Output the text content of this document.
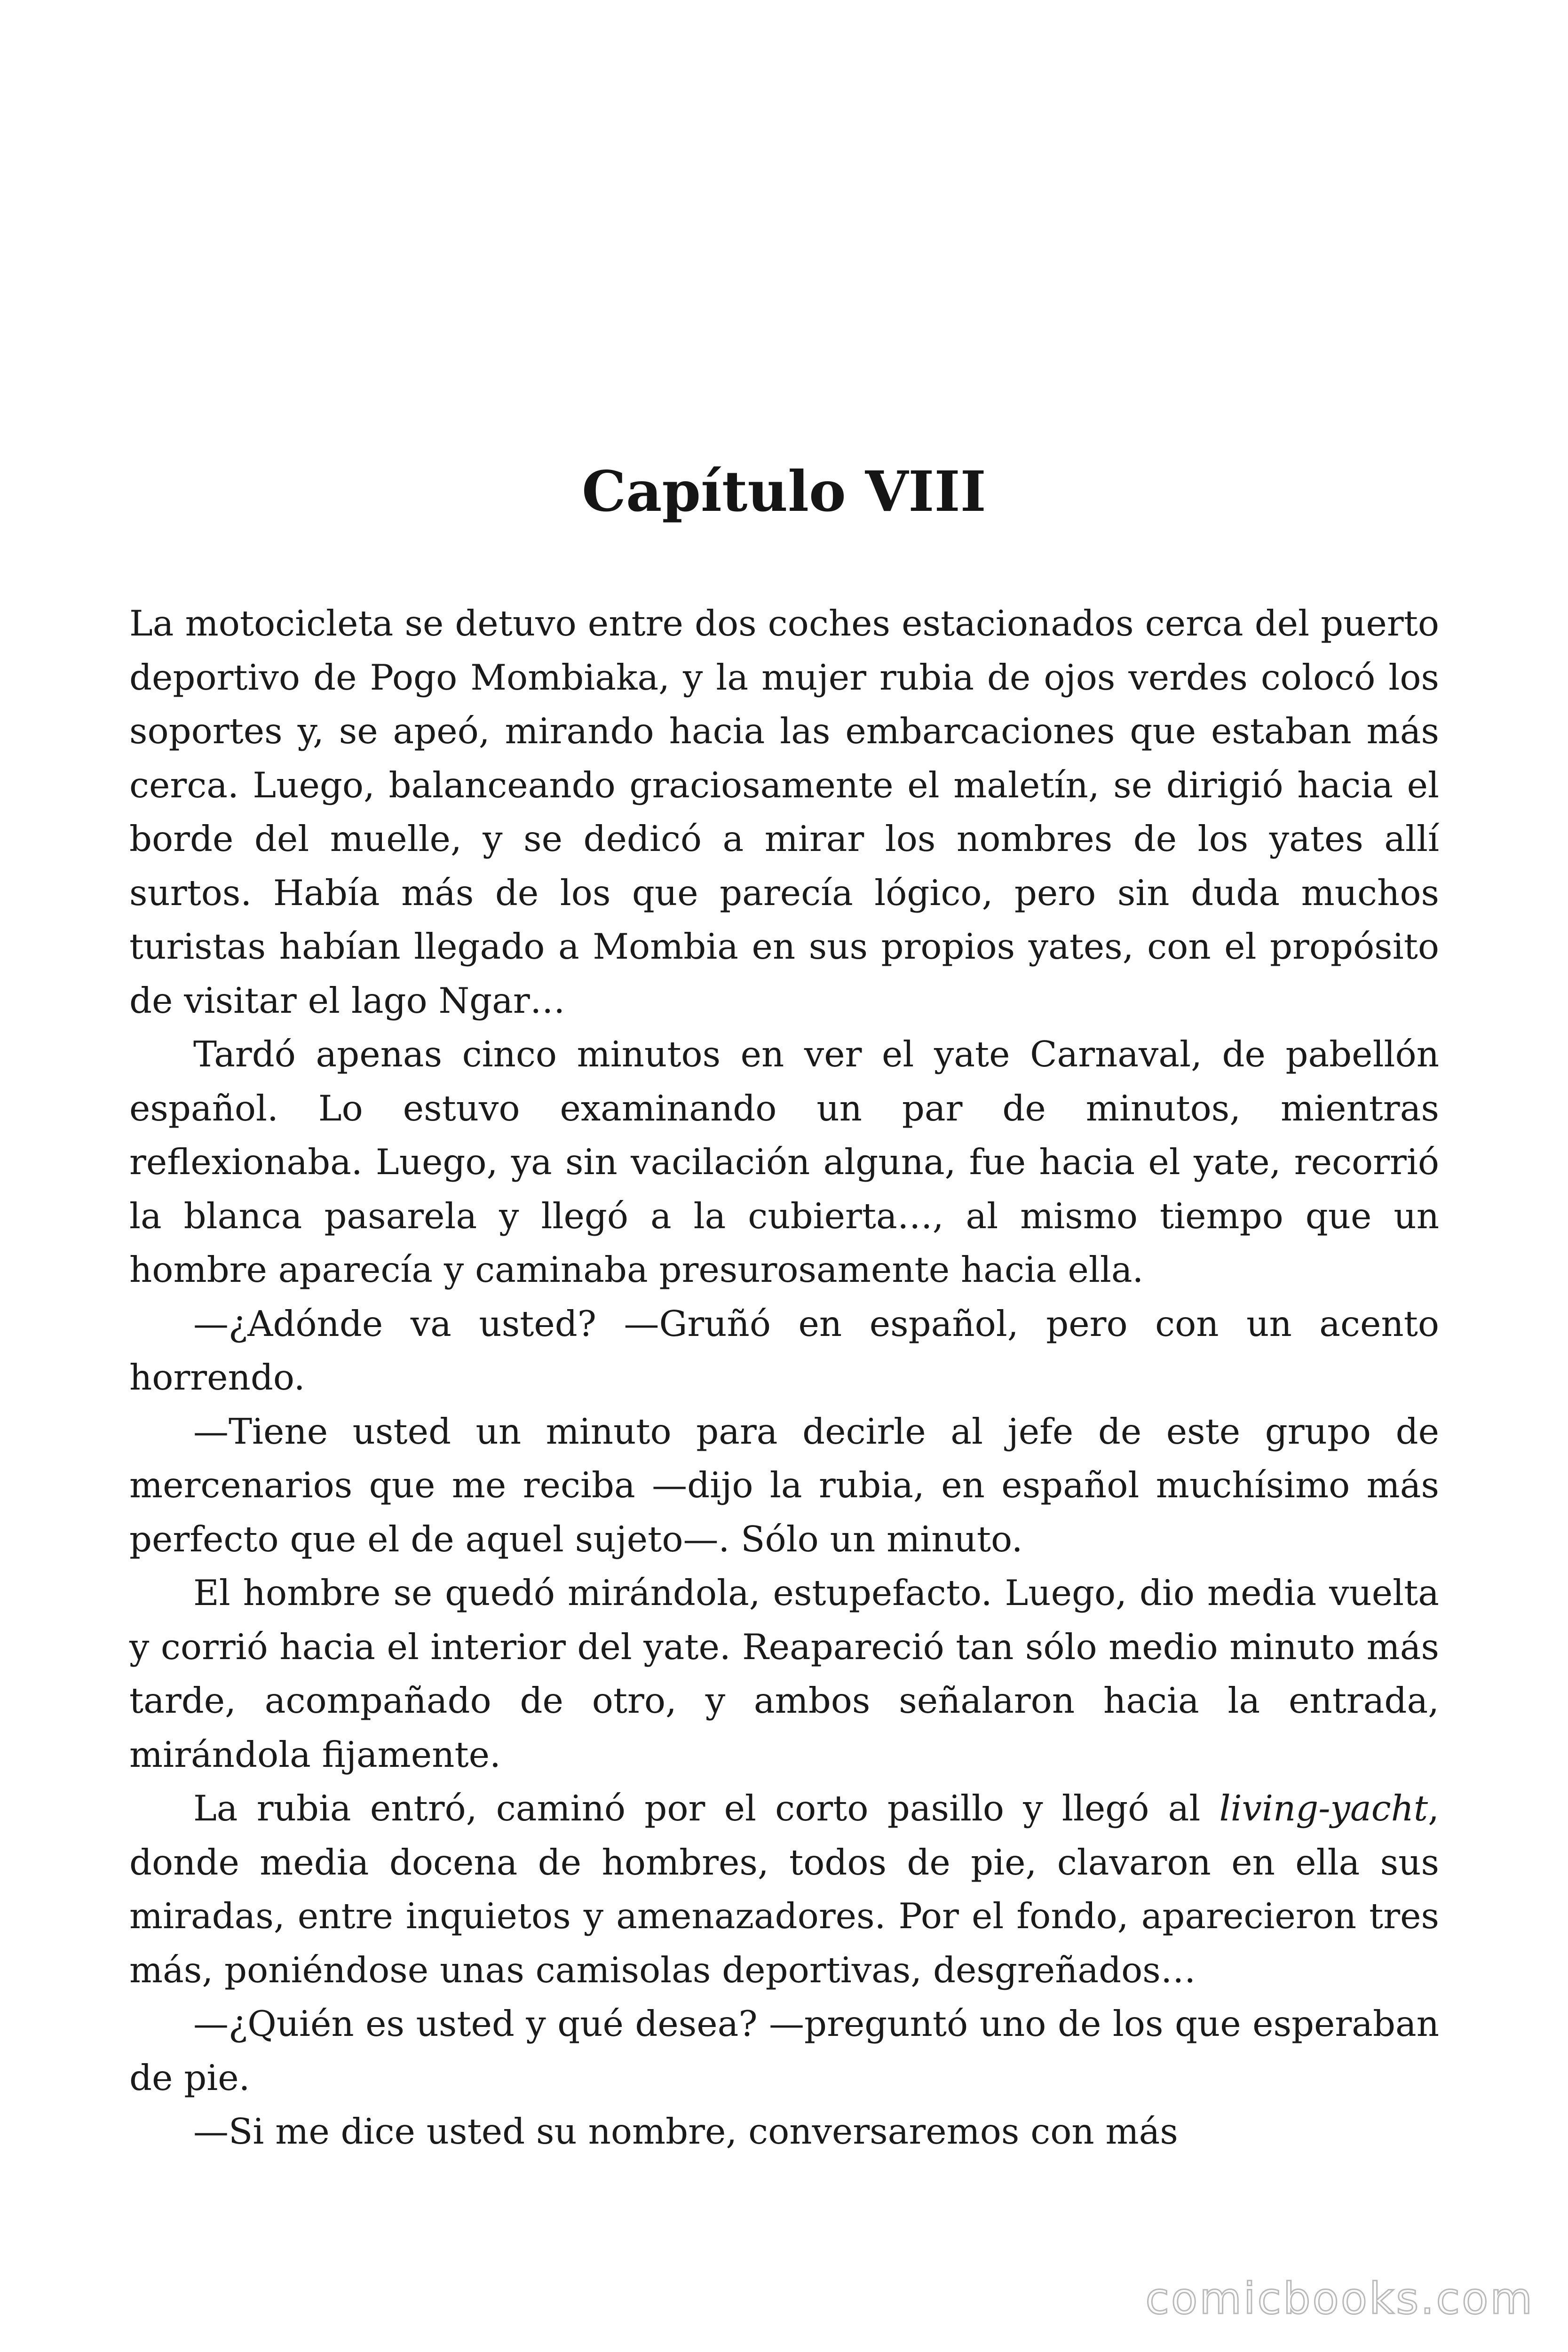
Capítulo VIII

La motocicleta se detuvo entre dos coches estacionados cerca del puerto deportivo de Pogo Mombiaka, y la mujer rubia de ojos verdes colocó los soportes y, se apeó, mirando hacia las embarcaciones que estaban más cerca. Luego, balanceando graciosamente el maletín, se dirigió hacia el borde del muelle, y se dedicó a mirar los nombres de los yates allí surtos. Había más de los que parecía lógico, pero sin duda muchos turistas habían llegado a Mombia en sus propios yates, con el propósito de visitar el lago Ngar…

Tardó apenas cinco minutos en ver el yate Carnaval, de pabellón español. Lo estuvo examinando un par de minutos, mientras reflexionaba. Luego, ya sin vacilación alguna, fue hacia el yate, recorrió la blanca pasarela y llegó a la cubierta…, al mismo tiempo que un hombre aparecía y caminaba presurosamente hacia ella.

—¿Adónde va usted? —Gruñó en español, pero con un acento horrendo.

—Tiene usted un minuto para decirle al jefe de este grupo de mercenarios que me reciba —dijo la rubia, en español muchísimo más perfecto que el de aquel sujeto—. Sólo un minuto.

El hombre se quedó mirándola, estupefacto. Luego, dio media vuelta y corrió hacia el interior del yate. Reapareció tan sólo medio minuto más tarde, acompañado de otro, y ambos señalaron hacia la entrada, mirándola fijamente.

La rubia entró, caminó por el corto pasillo y llegó al living-yacht, donde media docena de hombres, todos de pie, clavaron en ella sus miradas, entre inquietos y amenazadores. Por el fondo, aparecieron tres más, poniéndose unas camisolas deportivas, desgreñados…

—¿Quién es usted y qué desea? —preguntó uno de los que esperaban de pie.

—Si me dice usted su nombre, conversaremos con más

comicbooks.com
